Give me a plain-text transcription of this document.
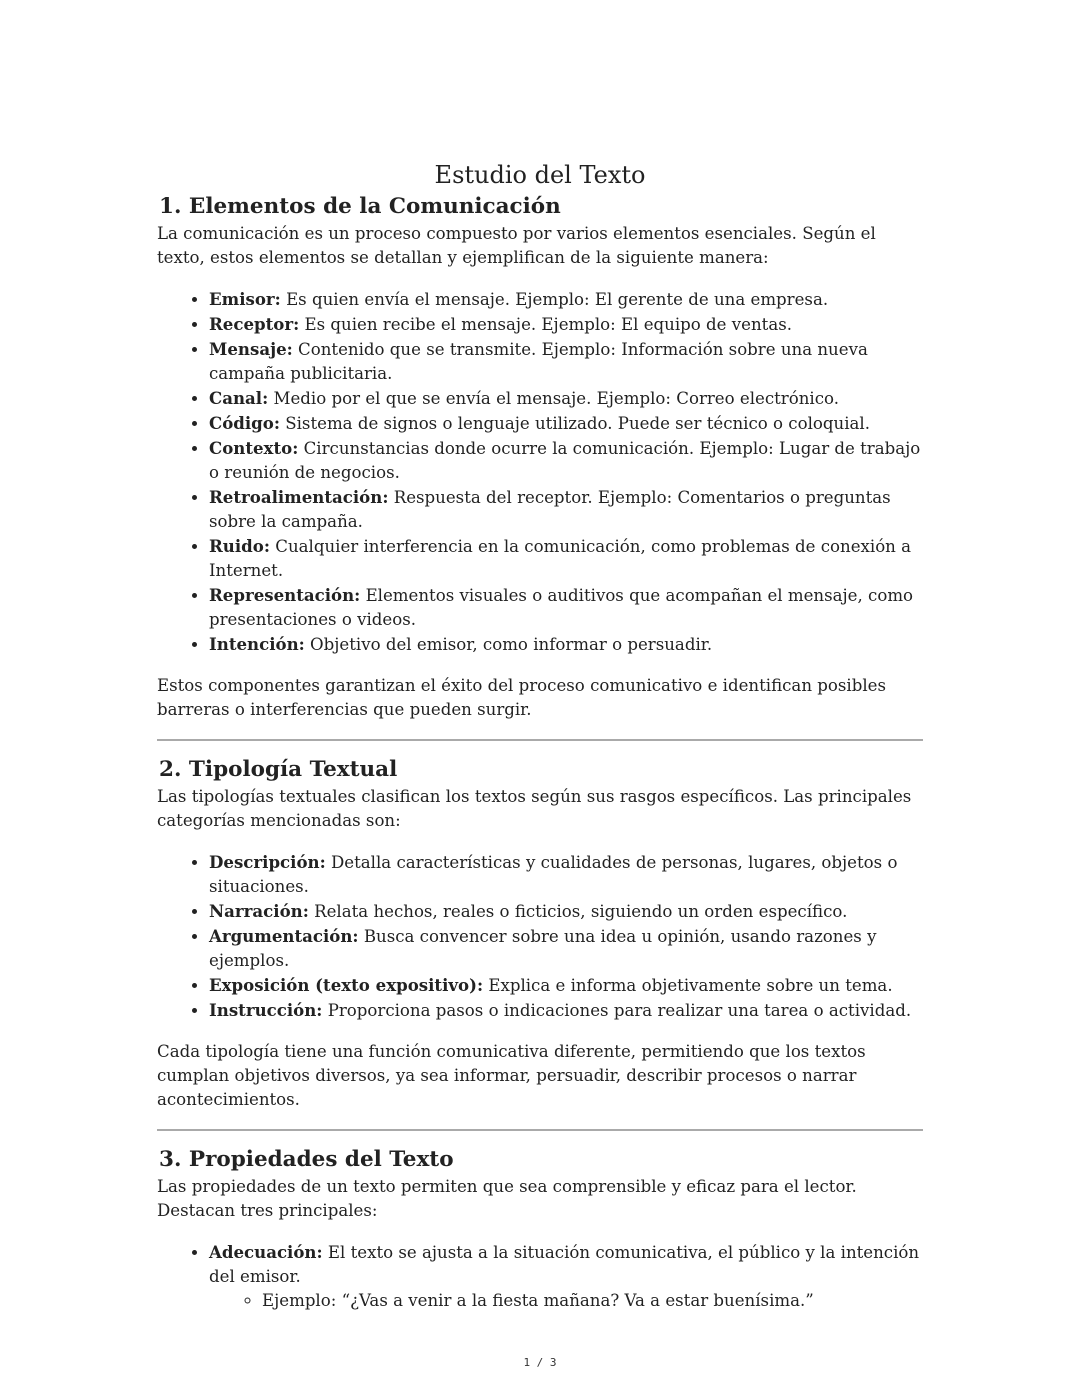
Estudio del Texto
1. Elementos de la Comunicación

La comunicación es un proceso compuesto por varios elementos esenciales. Según el texto, estos elementos se detallan y ejemplifican de la siguiente manera:

• Emisor: Es quien envía el mensaje. Ejemplo: El gerente de una empresa.
• Receptor: Es quien recibe el mensaje. Ejemplo: El equipo de ventas.
• Mensaje: Contenido que se transmite. Ejemplo: Información sobre una nueva campaña publicitaria.
• Canal: Medio por el que se envía el mensaje. Ejemplo: Correo electrónico.
• Código: Sistema de signos o lenguaje utilizado. Puede ser técnico o coloquial.
• Contexto: Circunstancias donde ocurre la comunicación. Ejemplo: Lugar de trabajo o reunión de negocios.
• Retroalimentación: Respuesta del receptor. Ejemplo: Comentarios o preguntas sobre la campaña.
• Ruido: Cualquier interferencia en la comunicación, como problemas de conexión a Internet.
• Representación: Elementos visuales o auditivos que acompañan el mensaje, como presentaciones o videos.
• Intención: Objetivo del emisor, como informar o persuadir.

Estos componentes garantizan el éxito del proceso comunicativo e identifican posibles barreras o interferencias que pueden surgir.

2. Tipología Textual

Las tipologías textuales clasifican los textos según sus rasgos específicos. Las principales categorías mencionadas son:

• Descripción: Detalla características y cualidades de personas, lugares, objetos o situaciones.
• Narración: Relata hechos, reales o ficticios, siguiendo un orden específico.
• Argumentación: Busca convencer sobre una idea u opinión, usando razones y ejemplos.
• Exposición (texto expositivo): Explica e informa objetivamente sobre un tema.
• Instrucción: Proporciona pasos o indicaciones para realizar una tarea o actividad.

Cada tipología tiene una función comunicativa diferente, permitiendo que los textos cumplan objetivos diversos, ya sea informar, persuadir, describir procesos o narrar acontecimientos.

3. Propiedades del Texto

Las propiedades de un texto permiten que sea comprensible y eficaz para el lector. Destacan tres principales:

• Adecuación: El texto se ajusta a la situación comunicativa, el público y la intención del emisor.
◦ Ejemplo: “¿Vas a venir a la fiesta mañana? Va a estar buenísima.”
1 / 3
